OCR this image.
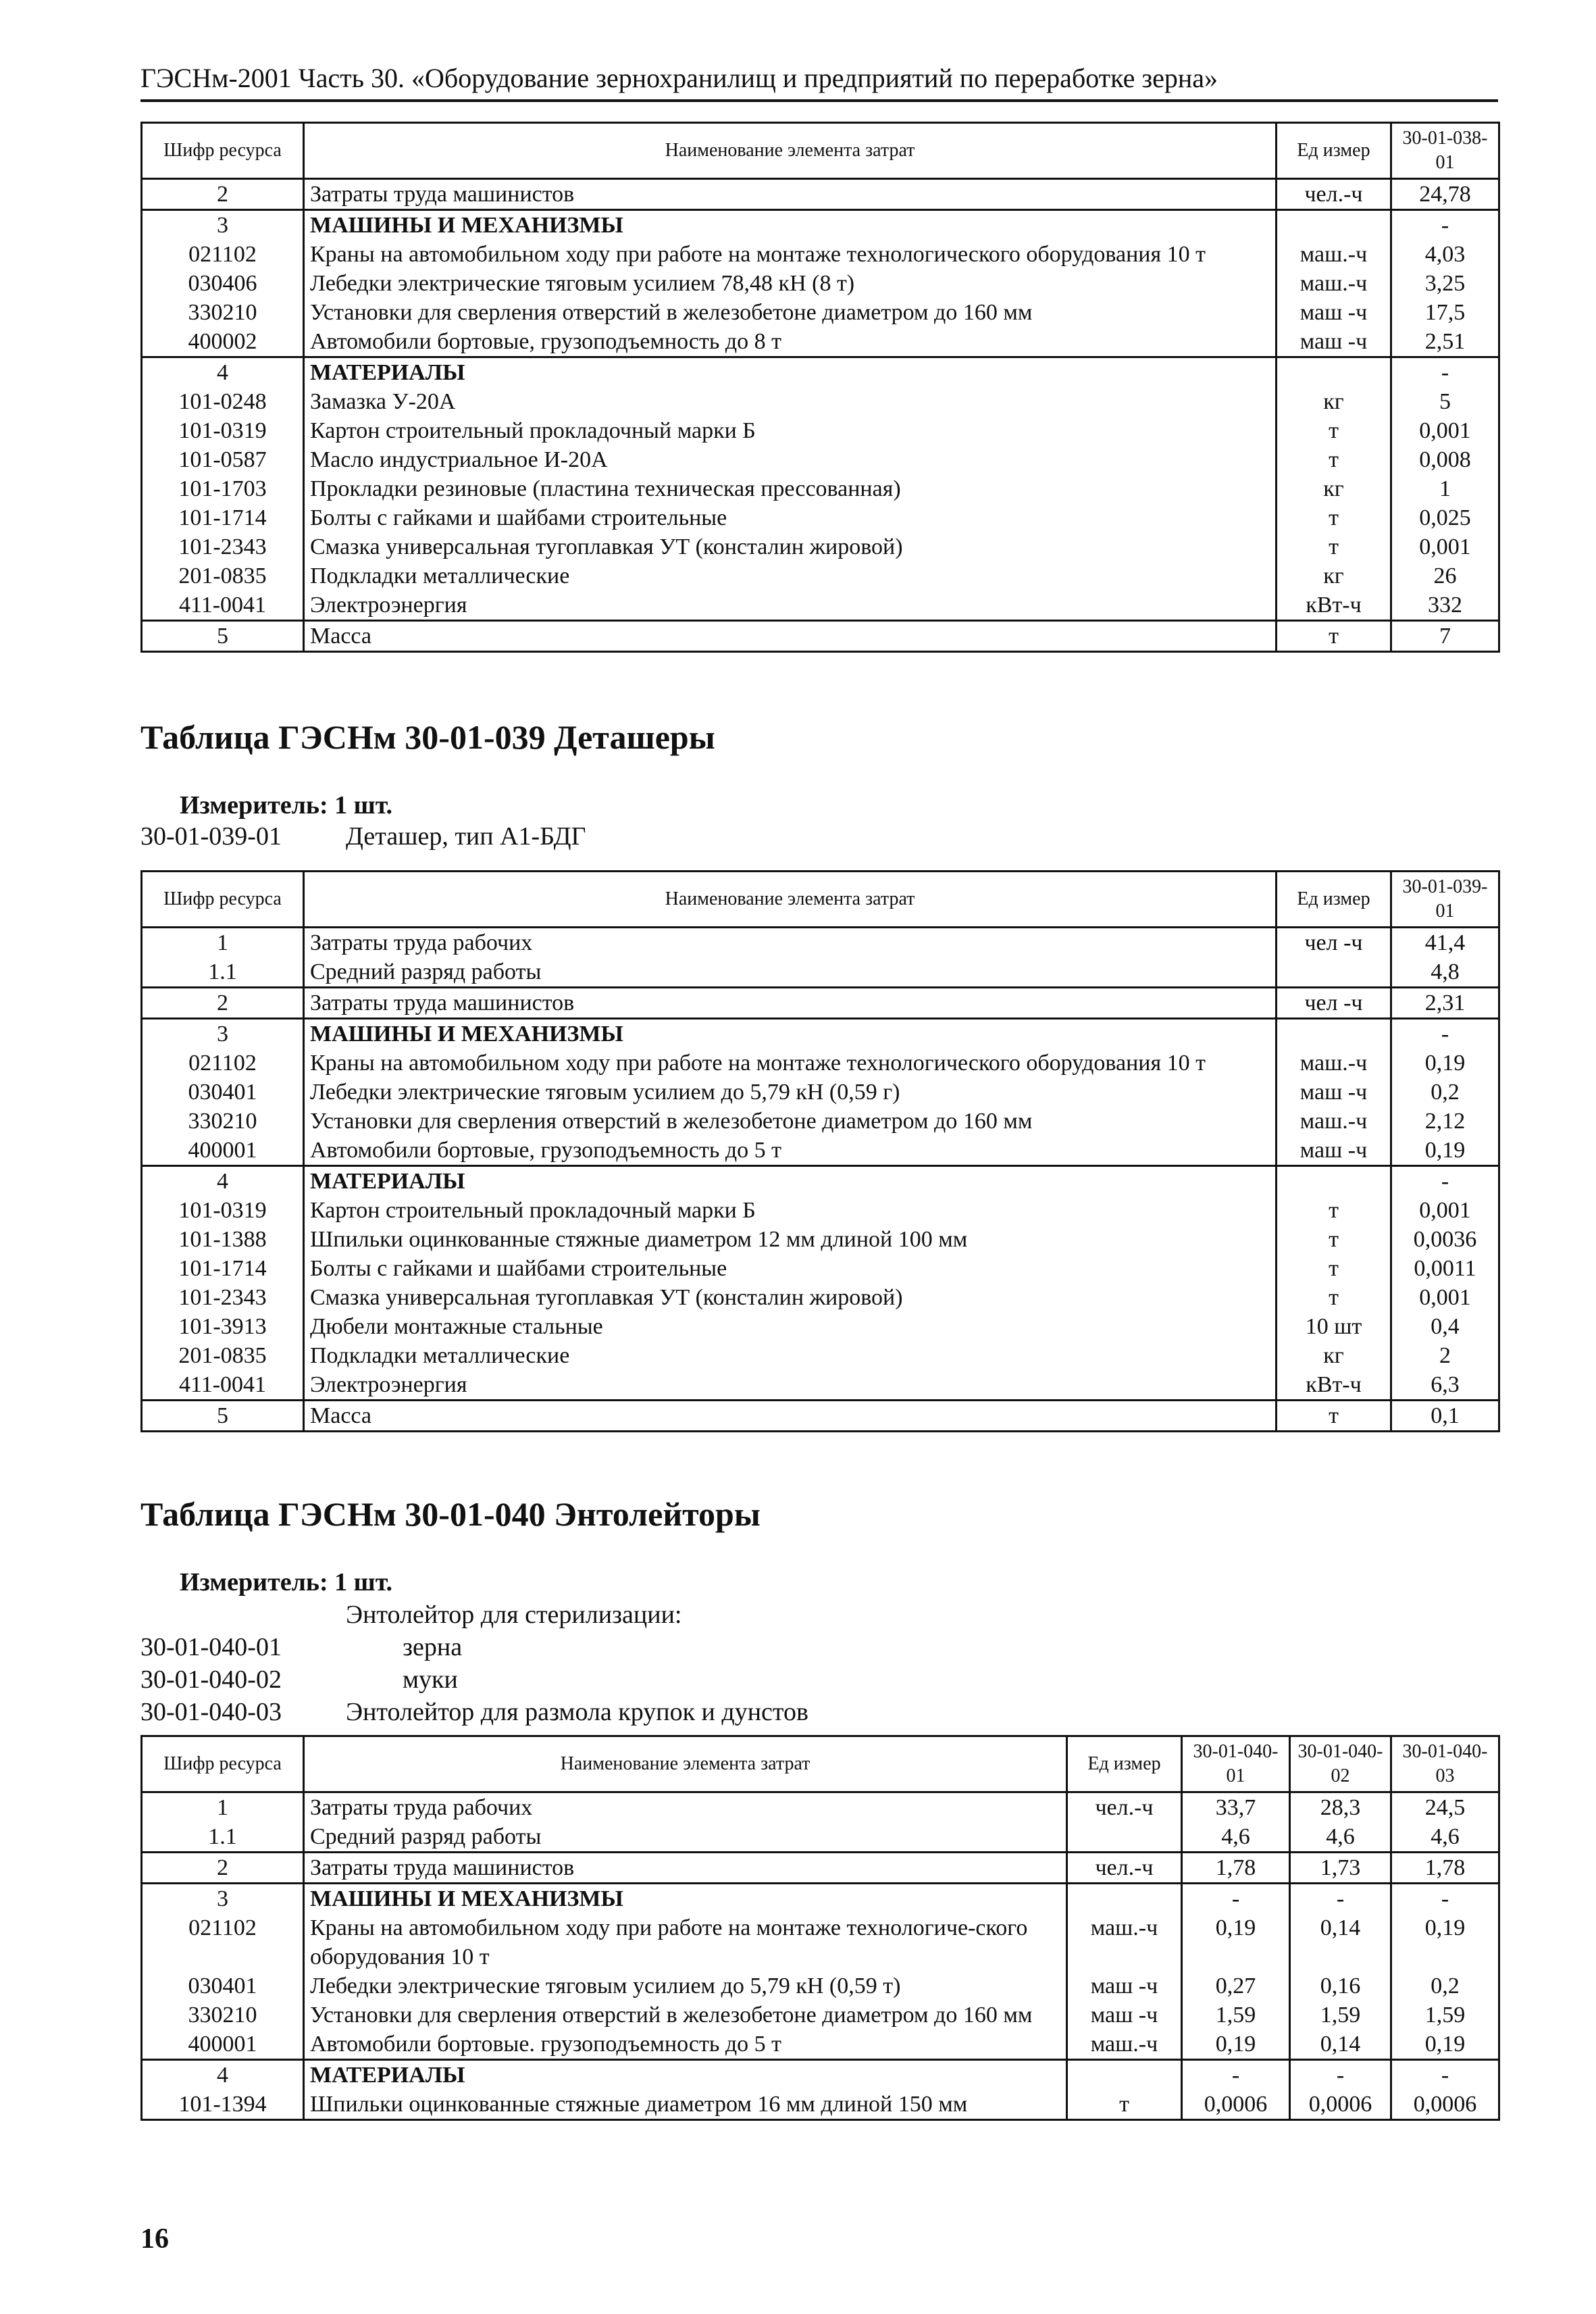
ГЭСНм-2001 Часть 30. «Оборудование зернохранилищ и предприятий по переработке зерна»
Шифр ресурса	Наименование элемента затрат	Ед измер	30-01-038-01
2	Затраты труда машинистов	чел.-ч	24,78
3	МАШИНЫ И МЕХАНИЗМЫ		-
021102	Краны на автомобильном ходу при работе на монтаже технологического оборудования 10 т	маш.-ч	4,03
030406	Лебедки электрические тяговым усилием 78,48 кН (8 т)	маш.-ч	3,25
330210	Установки для сверления отверстий в железобетоне диаметром до 160 мм	маш -ч	17,5
400002	Автомобили бортовые, грузоподъемность до 8 т	маш -ч	2,51
4	МАТЕРИАЛЫ		-
101-0248	Замазка У-20А	кг	5
101-0319	Картон строительный прокладочный марки Б	т	0,001
101-0587	Масло индустриальное И-20А	т	0,008
101-1703	Прокладки резиновые (пластина техническая прессованная)	кг	1
101-1714	Болты с гайками и шайбами строительные	т	0,025
101-2343	Смазка универсальная тугоплавкая УТ (консталин жировой)	т	0,001
201-0835	Подкладки металлические	кг	26
411-0041	Электроэнергия	кВт-ч	332
5	Масса	т	7
Таблица ГЭСНм 30-01-039 Деташеры
Измеритель: 1 шт.
30-01-039-01	Деташер, тип А1-БДГ
Шифр ресурса	Наименование элемента затрат	Ед измер	30-01-039-01
1	Затраты труда рабочих	чел -ч	41,4
1.1	Средний разряд работы		4,8
2	Затраты труда машинистов	чел -ч	2,31
3	МАШИНЫ И МЕХАНИЗМЫ		-
021102	Краны на автомобильном ходу при работе на монтаже технологического оборудования 10 т	маш.-ч	0,19
030401	Лебедки электрические тяговым усилием до 5,79 кН (0,59 г)	маш -ч	0,2
330210	Установки для сверления отверстий в железобетоне диаметром до 160 мм	маш.-ч	2,12
400001	Автомобили бортовые, грузоподъемность до 5 т	маш -ч	0,19
4	МАТЕРИАЛЫ		-
101-0319	Картон строительный прокладочный марки Б	т	0,001
101-1388	Шпильки оцинкованные стяжные диаметром 12 мм длиной 100 мм	т	0,0036
101-1714	Болты с гайками и шайбами строительные	т	0,0011
101-2343	Смазка универсальная тугоплавкая УТ (консталин жировой)	т	0,001
101-3913	Дюбели монтажные стальные	10 шт	0,4
201-0835	Подкладки металлические	кг	2
411-0041	Электроэнергия	кВт-ч	6,3
5	Масса	т	0,1
Таблица ГЭСНм 30-01-040 Энтолейторы
Измеритель: 1 шт.
Энтолейтор для стерилизации:
30-01-040-01	зерна
30-01-040-02	муки
30-01-040-03	Энтолейтор для размола крупок и дунстов
Шифр ресурса	Наименование элемента затрат	Ед измер	30-01-040-01	30-01-040-02	30-01-040-03
1	Затраты труда рабочих	чел.-ч	33,7	28,3	24,5
1.1	Средний разряд работы		4,6	4,6	4,6
2	Затраты труда машинистов	чел.-ч	1,78	1,73	1,78
3	МАШИНЫ И МЕХАНИЗМЫ		-	-	-
021102	Краны на автомобильном ходу при работе на монтаже технологиче-ского оборудования 10 т	маш.-ч	0,19	0,14	0,19
030401	Лебедки электрические тяговым усилием до 5,79 кН (0,59 т)	маш -ч	0,27	0,16	0,2
330210	Установки для сверления отверстий в железобетоне диаметром до 160 мм	маш -ч	1,59	1,59	1,59
400001	Автомобили бортовые. грузоподъемность до 5 т	маш.-ч	0,19	0,14	0,19
4	МАТЕРИАЛЫ		-	-	-
101-1394	Шпильки оцинкованные стяжные диаметром 16 мм длиной 150 мм	т	0,0006	0,0006	0,0006
16
